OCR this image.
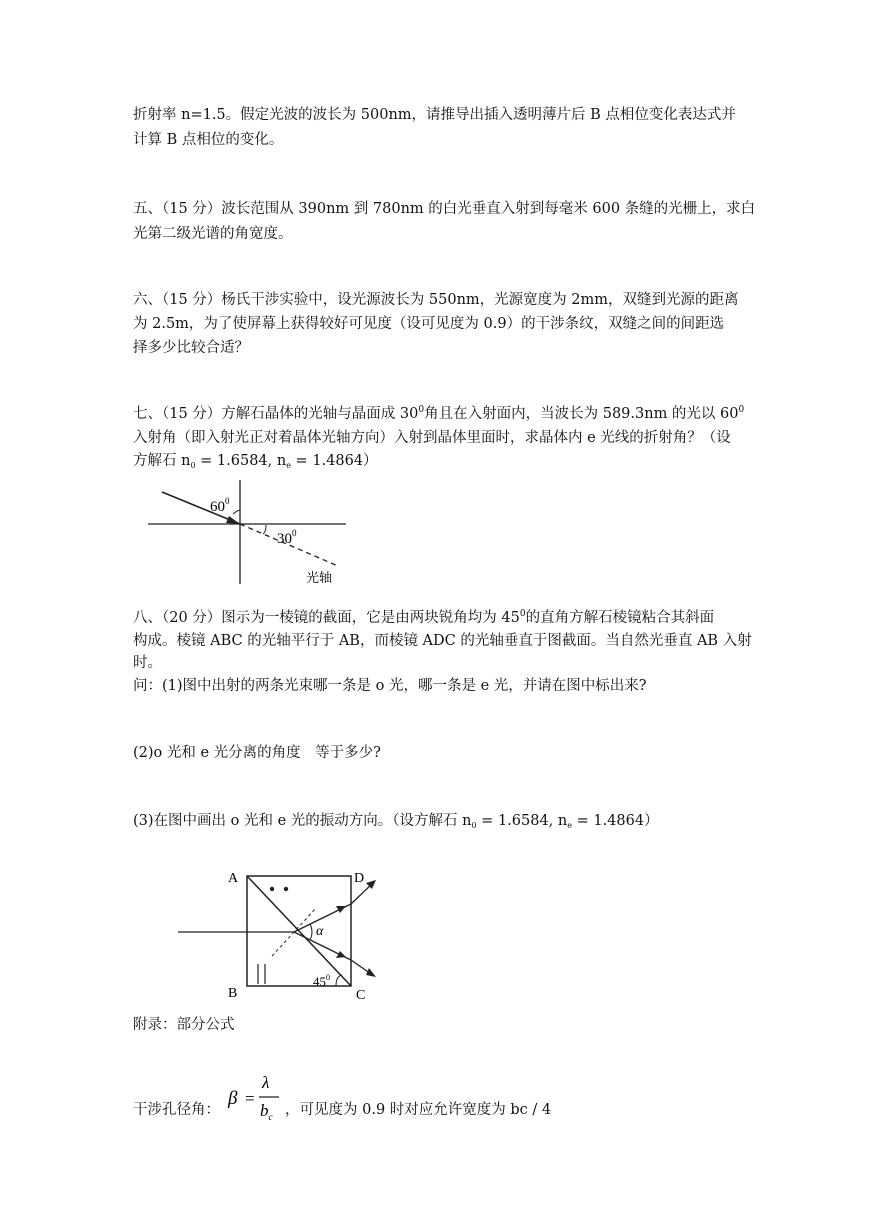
折射率 n=1.5。假定光波的波长为 500nm，请推导出插入透明薄片后 B 点相位变化表达式并
计算 B 点相位的变化。
五、（15 分）波长范围从 390nm 到 780nm 的白光垂直入射到每毫米 600 条缝的光栅上，求白
光第二级光谱的角宽度。
六、（15 分）杨氏干涉实验中，设光源波长为 550nm，光源宽度为 2mm，双缝到光源的距离
为 2.5m，为了使屏幕上获得较好可见度（设可见度为 0.9）的干涉条纹，双缝之间的间距选
择多少比较合适？
七、（15 分）方解石晶体的光轴与晶面成 $30^0$角且在入射面内，当波长为 589.3nm 的光以 $60^0$
入射角（即入射光正对着晶体光轴方向）入射到晶体里面时，求晶体内 e 光线的折射角？（设
方解石 $n_0 = 1.6584$, $n_e = 1.4864$）
$60^0$
$30^0$
光轴
八、（20 分）图示为一棱镜的截面，它是由两块锐角均为 $45^0$的直角方解石棱镜粘合其斜面
构成。棱镜 ABC 的光轴平行于 AB，而棱镜 ADC 的光轴垂直于图截面。当自然光垂直 AB 入射
时。
问：(1)图中出射的两条光束哪一条是 o 光，哪一条是 e 光，并请在图中标出来?
(2)o 光和 e 光分离的角度　等于多少?
(3)在图中画出 o 光和 e 光的振动方向。（设方解石 $n_0 = 1.6584$, $n_e = 1.4864$）
A
B	C
D
α
$45^0$
附录：部分公式
β =
λ
$b_c$
干涉孔径角：	，可见度为 0.9 时对应允许宽度为 bc / 4
